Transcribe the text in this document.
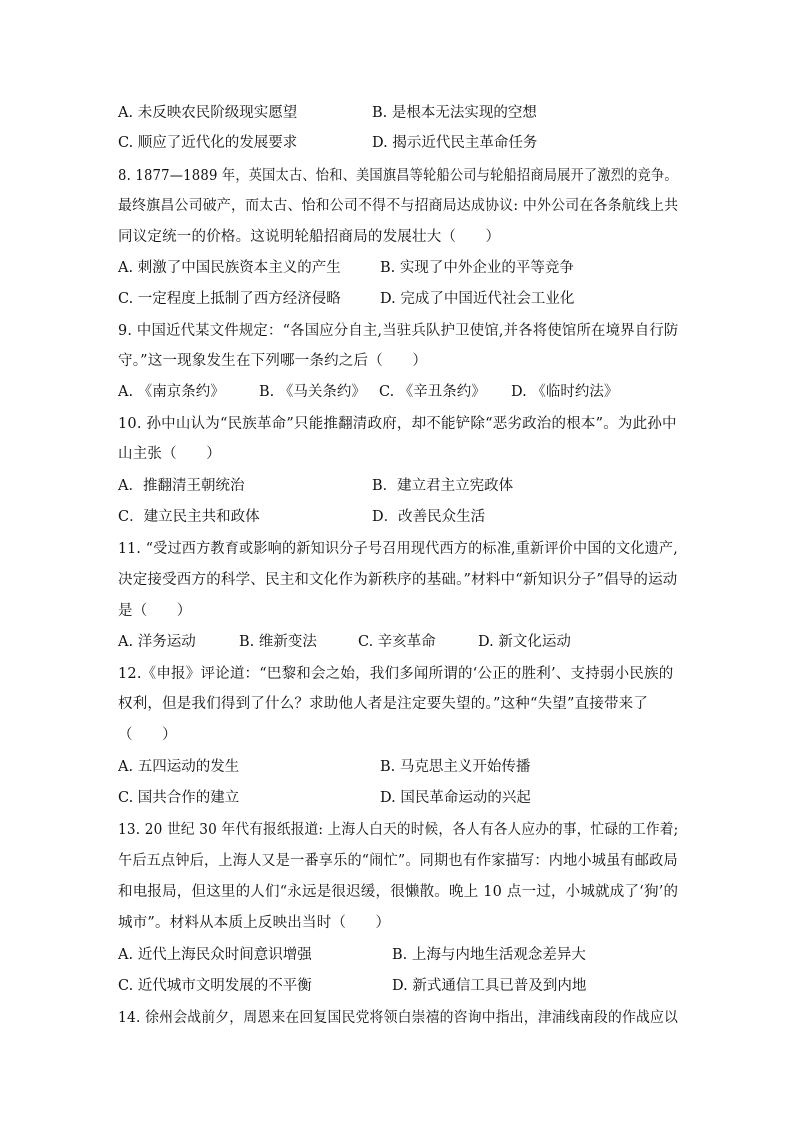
A. 未反映农民阶级现实愿望	B. 是根本无法实现的空想
C. 顺应了近代化的发展要求	D. 揭示近代民主革命任务
8. 1877—1889 年，英国太古、怡和、美国旗昌等轮船公司与轮船招商局展开了激烈的竞争。
最终旗昌公司破产，而太古、怡和公司不得不与招商局达成协议: 中外公司在各条航线上共
同议定统一的价格。这说明轮船招商局的发展壮大（　　）
A. 刺激了中国民族资本主义的产生	B. 实现了中外企业的平等竞争
C. 一定程度上抵制了西方经济侵略	D. 完成了中国近代社会工业化
9. 中国近代某文件规定：“各国应分自主,当驻兵队护卫使馆,并各将使馆所在境界自行防
守。”这一现象发生在下列哪一条约之后（　　）
A. 《南京条约》 B. 《马关条约》 C. 《辛丑条约》 D. 《临时约法》
10. 孙中山认为“民族革命”只能推翻清政府，却不能铲除“恶劣政治的根本”。为此孙中
山主张（　　）
A．推翻清王朝统治	B．建立君主立宪政体
C．建立民主共和政体	D．改善民众生活
11. “受过西方教育或影响的新知识分子号召用现代西方的标准,重新评价中国的文化遗产,
决定接受西方的科学、民主和文化作为新秩序的基础。”材料中“新知识分子”倡导的运动
是（　　）
A. 洋务运动	B. 维新变法	C. 辛亥革命	D. 新文化运动
12.《申报》评论道：“巴黎和会之始，我们多闻所谓的‘公正的胜利’、支持弱小民族的
权利，但是我们得到了什么？求助他人者是注定要失望的。”这种“失望”直接带来了
（　　）
A. 五四运动的发生	B. 马克思主义开始传播
C. 国共合作的建立	D. 国民革命运动的兴起
13. 20 世纪 30 年代有报纸报道: 上海人白天的时候，各人有各人应办的事，忙碌的工作着;
午后五点钟后，上海人又是一番享乐的“闹忙”。同期也有作家描写：内地小城虽有邮政局
和电报局，但这里的人们“永远是很迟缓，很懒散。晚上 10 点一过，小城就成了‘狗’的
城市”。材料从本质上反映出当时（　　）
A. 近代上海民众时间意识增强	B. 上海与内地生活观念差异大
C. 近代城市文明发展的不平衡	D. 新式通信工具已普及到内地
14. 徐州会战前夕，周恩来在回复国民党将领白崇禧的咨询中指出，津浦线南段的作战应以
